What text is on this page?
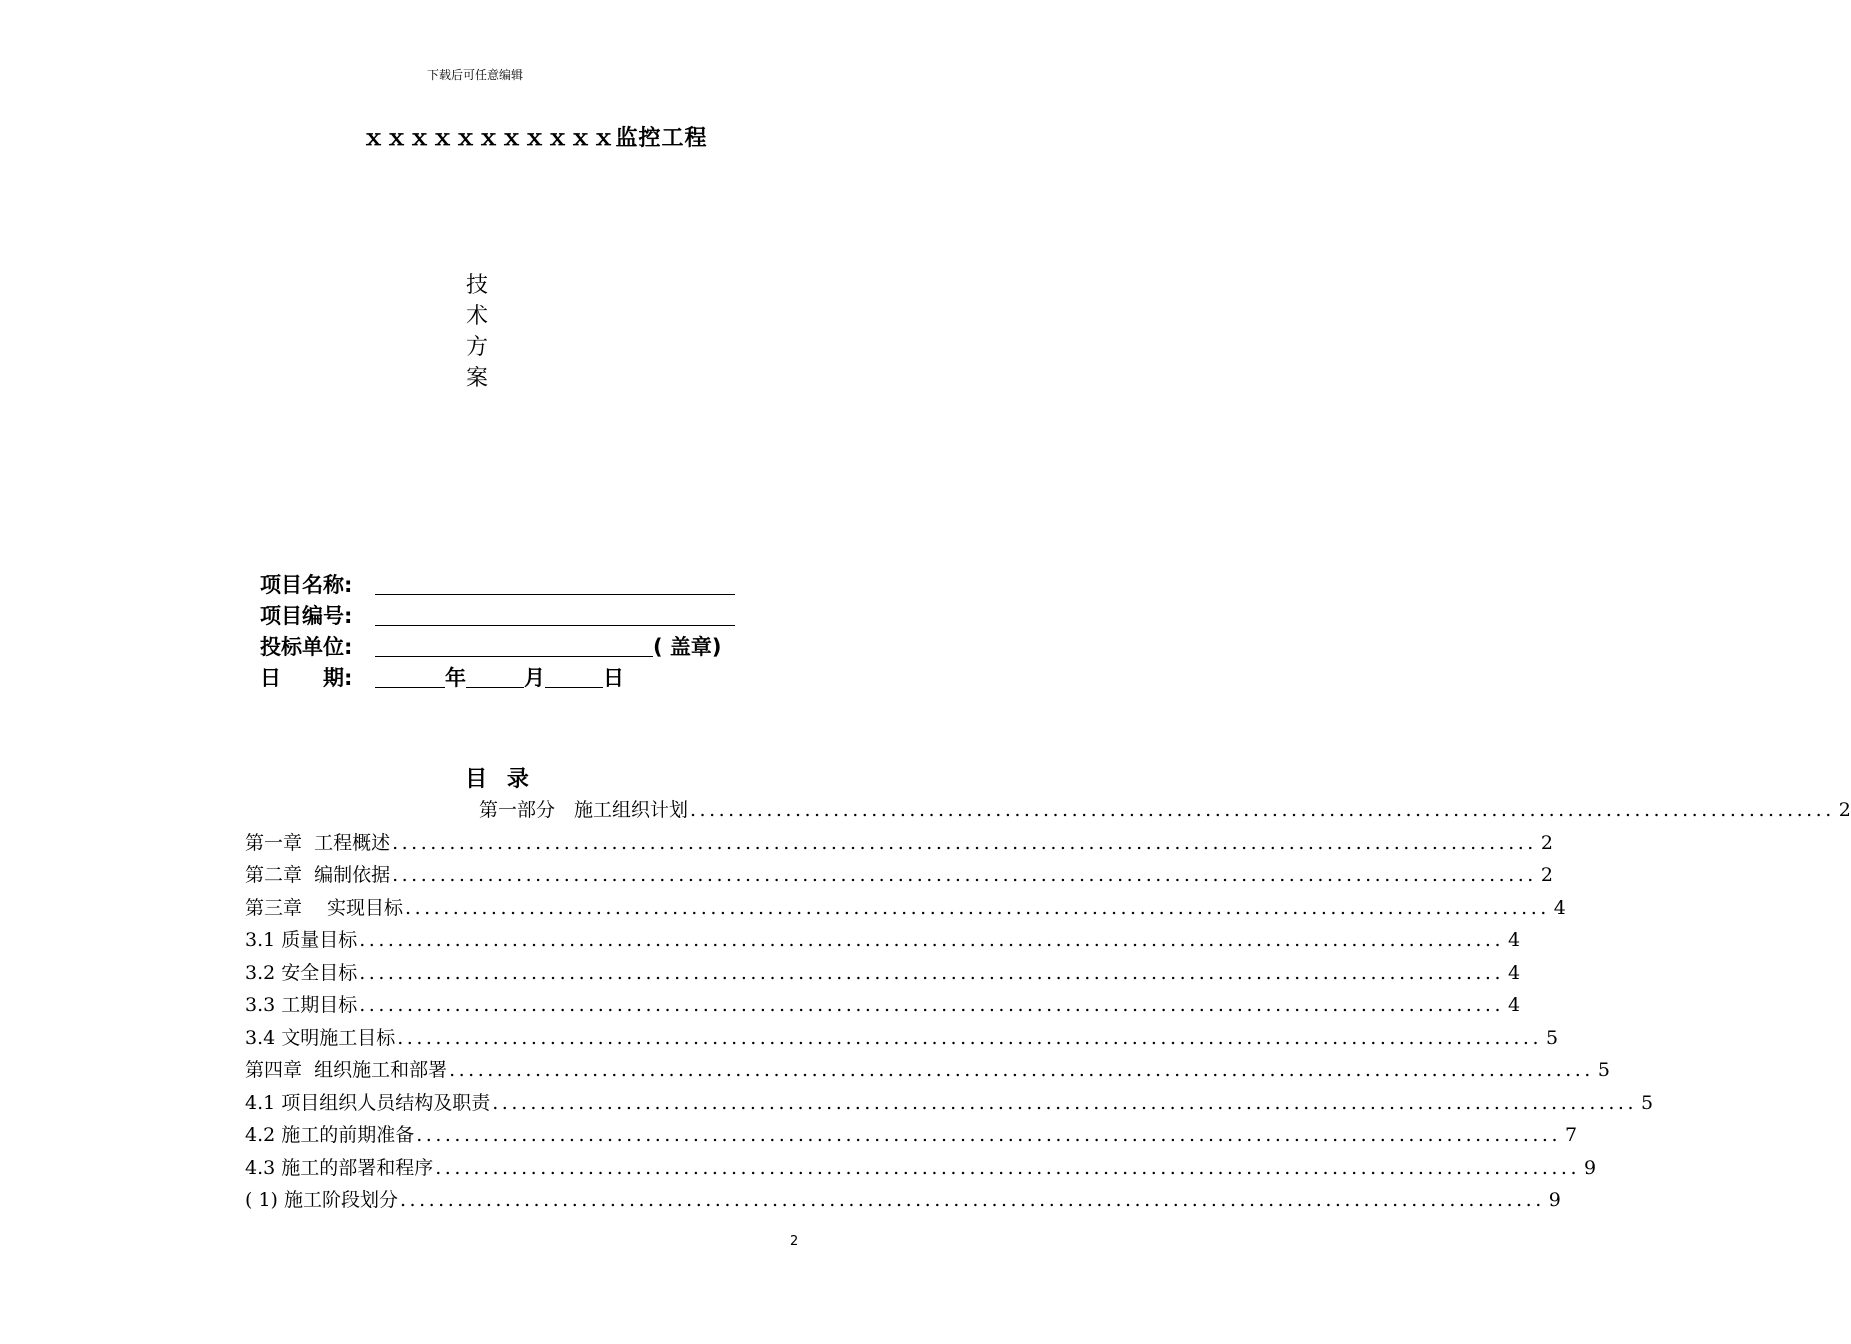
下载后可任意编辑
ｘｘｘｘｘｘｘｘｘｘｘ监控工程
技
术
方
案
项目名称:
项目编号:
投标单位:	( 盖章)
日　　期:	年	月	日
目 录
第一部分　施工组织计划 ........................................................................................................................ 2
第一章  工程概述 ........................................................................................................................ 2
第二章  编制依据 ........................................................................................................................ 2
第三章　 实现目标 ........................................................................................................................ 4
3.1 质量目标 ........................................................................................................................ 4
3.2 安全目标 ........................................................................................................................ 4
3.3 工期目标 ........................................................................................................................ 4
3.4 文明施工目标 ........................................................................................................................ 5
第四章  组织施工和部署 ........................................................................................................................ 5
4.1 项目组织人员结构及职责 ........................................................................................................................ 5
4.2 施工的前期准备 ........................................................................................................................ 7
4.3 施工的部署和程序 ........................................................................................................................ 9
( 1) 施工阶段划分 ........................................................................................................................ 9
2
